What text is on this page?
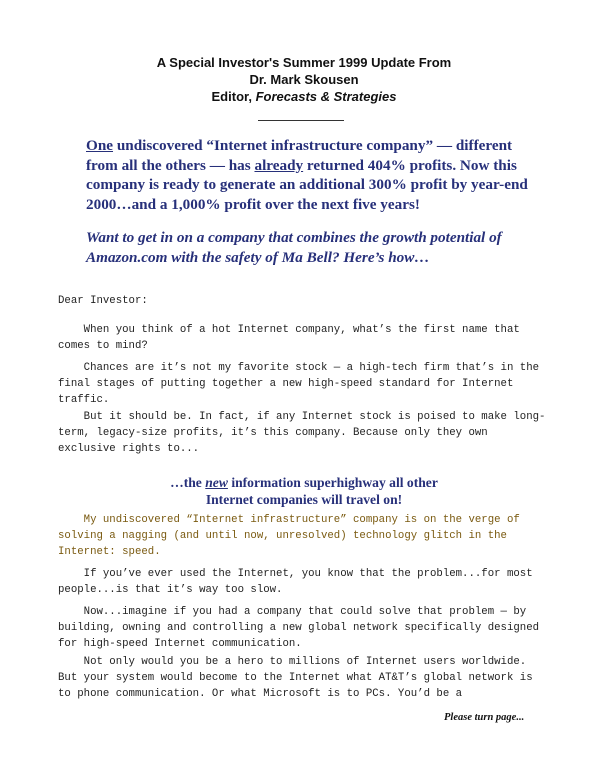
A Special Investor's Summer 1999 Update From
Dr. Mark Skousen
Editor, Forecasts & Strategies
One undiscovered “Internet infrastructure company” — different from all the others — has already returned 404% profits. Now this company is ready to generate an additional 300% profit by year-end 2000…and a 1,000% profit over the next five years!
Want to get in on a company that combines the growth potential of Amazon.com with the safety of Ma Bell? Here’s how…

Dear Investor:

When you think of a hot Internet company, what’s the first name that comes to mind?

Chances are it’s not my favorite stock — a high-tech firm that’s in the final stages of putting together a new high-speed standard for Internet traffic.

But it should be. In fact, if any Internet stock is poised to make long-term, legacy-size profits, it’s this company. Because only they own exclusive rights to...

…the new information superhighway all other
Internet companies will travel on!

My undiscovered “Internet infrastructure” company is on the verge of solving a nagging (and until now, unresolved) technology glitch in the Internet: speed.

If you’ve ever used the Internet, you know that the problem...for most people...is that it’s way too slow.

Now...imagine if you had a company that could solve that problem — by building, owning and controlling a new global network specifically designed for high-speed Internet communication.

Not only would you be a hero to millions of Internet users worldwide. But your system would become to the Internet what AT&T’s global network is to phone communication. Or what Microsoft is to PCs. You’d be a

Please turn page...
